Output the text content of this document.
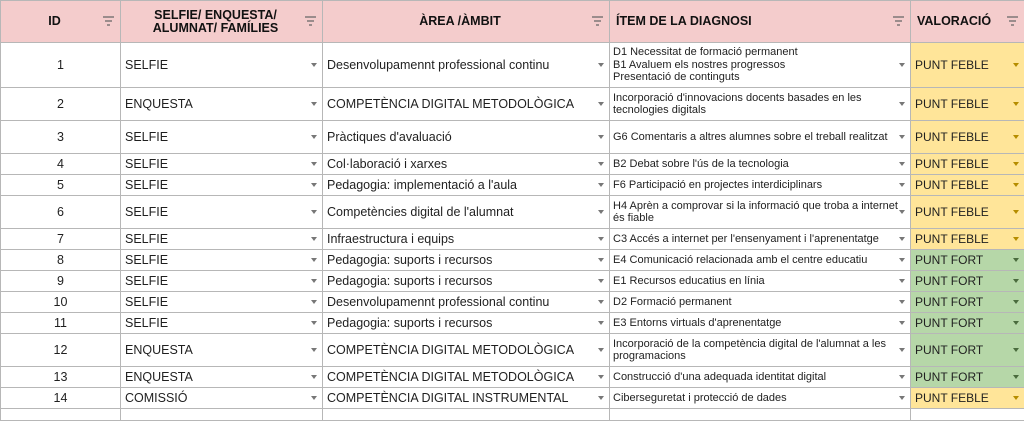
ID	SELFIE/ ENQUESTA/ ALUMNAT/ FAMÍLIES	ÀREA /ÀMBIT	ÍTEM DE LA DIAGNOSI	VALORACIÓ

1	SELFIE	Desenvolupamennt professional continu	D1 Necessitat de formació permanent
B1 Avaluem els nostres progressos
Presentació de continguts	PUNT FEBLE

2	ENQUESTA	COMPETÈNCIA DIGITAL METODOLÒGICA	Incorporació d'innovacions docents basades en les tecnologies digitals	PUNT FEBLE

3	SELFIE	Pràctiques d'avaluació	G6 Comentaris a altres alumnes sobre el treball realitzat	PUNT FEBLE

4	SELFIE	Col·laboració i xarxes	B2 Debat sobre l'ús de la tecnologia	PUNT FEBLE

5	SELFIE	Pedagogia: implementació a l'aula	F6 Participació en projectes interdiciplinars	PUNT FEBLE

6	SELFIE	Competències digital de l'alumnat	H4 Aprèn a comprovar si la informació que troba a internet és fiable	PUNT FEBLE

7	SELFIE	Infraestructura i equips	C3 Accés a internet per l'ensenyament i l'aprenentatge	PUNT FEBLE

8	SELFIE	Pedagogia: suports i recursos	E4 Comunicació relacionada amb el centre educatiu	PUNT FORT

9	SELFIE	Pedagogia: suports i recursos	E1 Recursos educatius en línia	PUNT FORT

10	SELFIE	Desenvolupamennt professional continu	D2 Formació permanent	PUNT FORT

11	SELFIE	Pedagogia: suports i recursos	E3 Entorns virtuals d'aprenentatge	PUNT FORT

12	ENQUESTA	COMPETÈNCIA DIGITAL METODOLÒGICA	Incorporació de la competència digital de l'alumnat a les programacions	PUNT FORT

13	ENQUESTA	COMPETÈNCIA DIGITAL METODOLÒGICA	Construcció d'una adequada identitat digital	PUNT FORT

14	COMISSIÓ	COMPETÈNCIA DIGITAL INSTRUMENTAL	Ciberseguretat i protecció de dades	PUNT FEBLE
